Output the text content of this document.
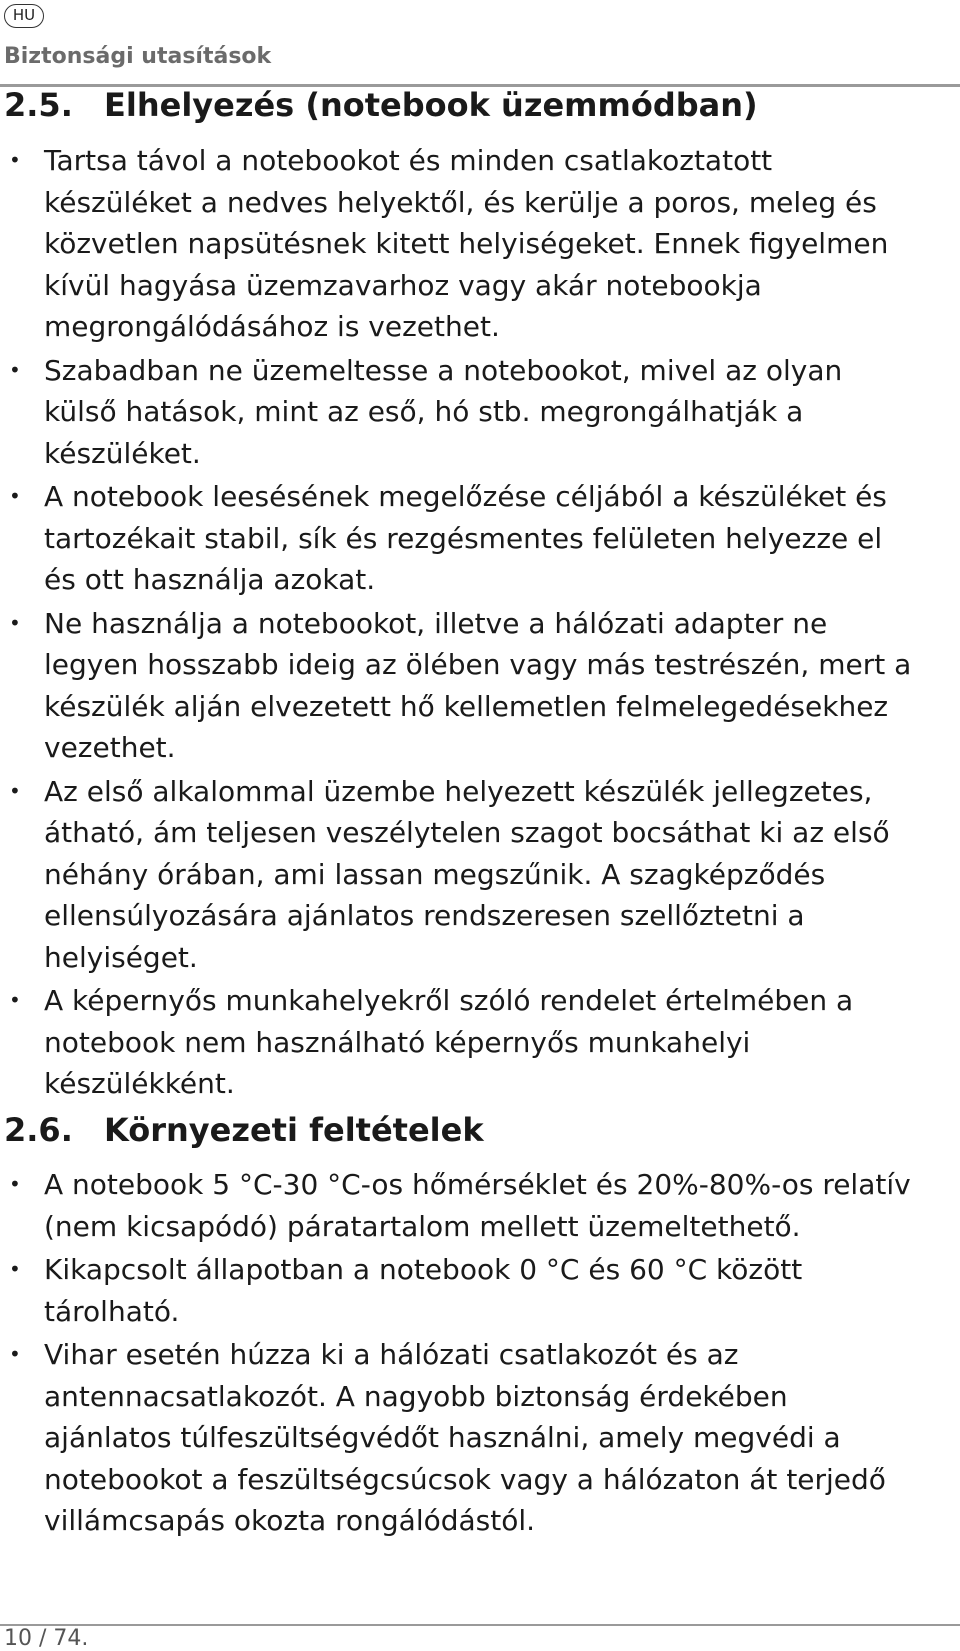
HU
Biztonsági utasítások
2.5. Elhelyezés (notebook üzemmódban)
• Tartsa távol a notebookot és minden csatlakoztatott készüléket a nedves helyektől, és kerülje a poros, meleg és közvetlen napsütésnek kitett helyiségeket. Ennek figyelmen kívül hagyása üzemzavarhoz vagy akár notebookja megrongálódásához is vezethet.
• Szabadban ne üzemeltesse a notebookot, mivel az olyan külső hatások, mint az eső, hó stb. megrongálhatják a készüléket.
• A notebook leesésének megelőzése céljából a készüléket és tartozékait stabil, sík és rezgésmentes felületen helyezze el és ott használja azokat.
• Ne használja a notebookot, illetve a hálózati adapter ne legyen hosszabb ideig az ölében vagy más testrészén, mert a készülék alján elvezetett hő kellemetlen felmelegedésekhez vezethet.
• Az első alkalommal üzembe helyezett készülék jellegzetes, átható, ám teljesen veszélytelen szagot bocsáthat ki az első néhány órában, ami lassan megszűnik. A szagképződés ellensúlyozására ajánlatos rendszeresen szellőztetni a helyiséget.
• A képernyős munkahelyekről szóló rendelet értelmében a notebook nem használható képernyős munkahelyi készülékként.
2.6. Környezeti feltételek
• A notebook 5 °C-30 °C-os hőmérséklet és 20%-80%-os relatív (nem kicsapódó) páratartalom mellett üzemeltethető.
• Kikapcsolt állapotban a notebook 0 °C és 60 °C között tárolható.
• Vihar esetén húzza ki a hálózati csatlakozót és az antennacsatlakozót. A nagyobb biztonság érdekében ajánlatos túlfeszültségvédőt használni, amely megvédi a notebookot a feszültségcsúcsok vagy a hálózaton át terjedő villámcsapás okozta rongálódástól.
10 / 74.
